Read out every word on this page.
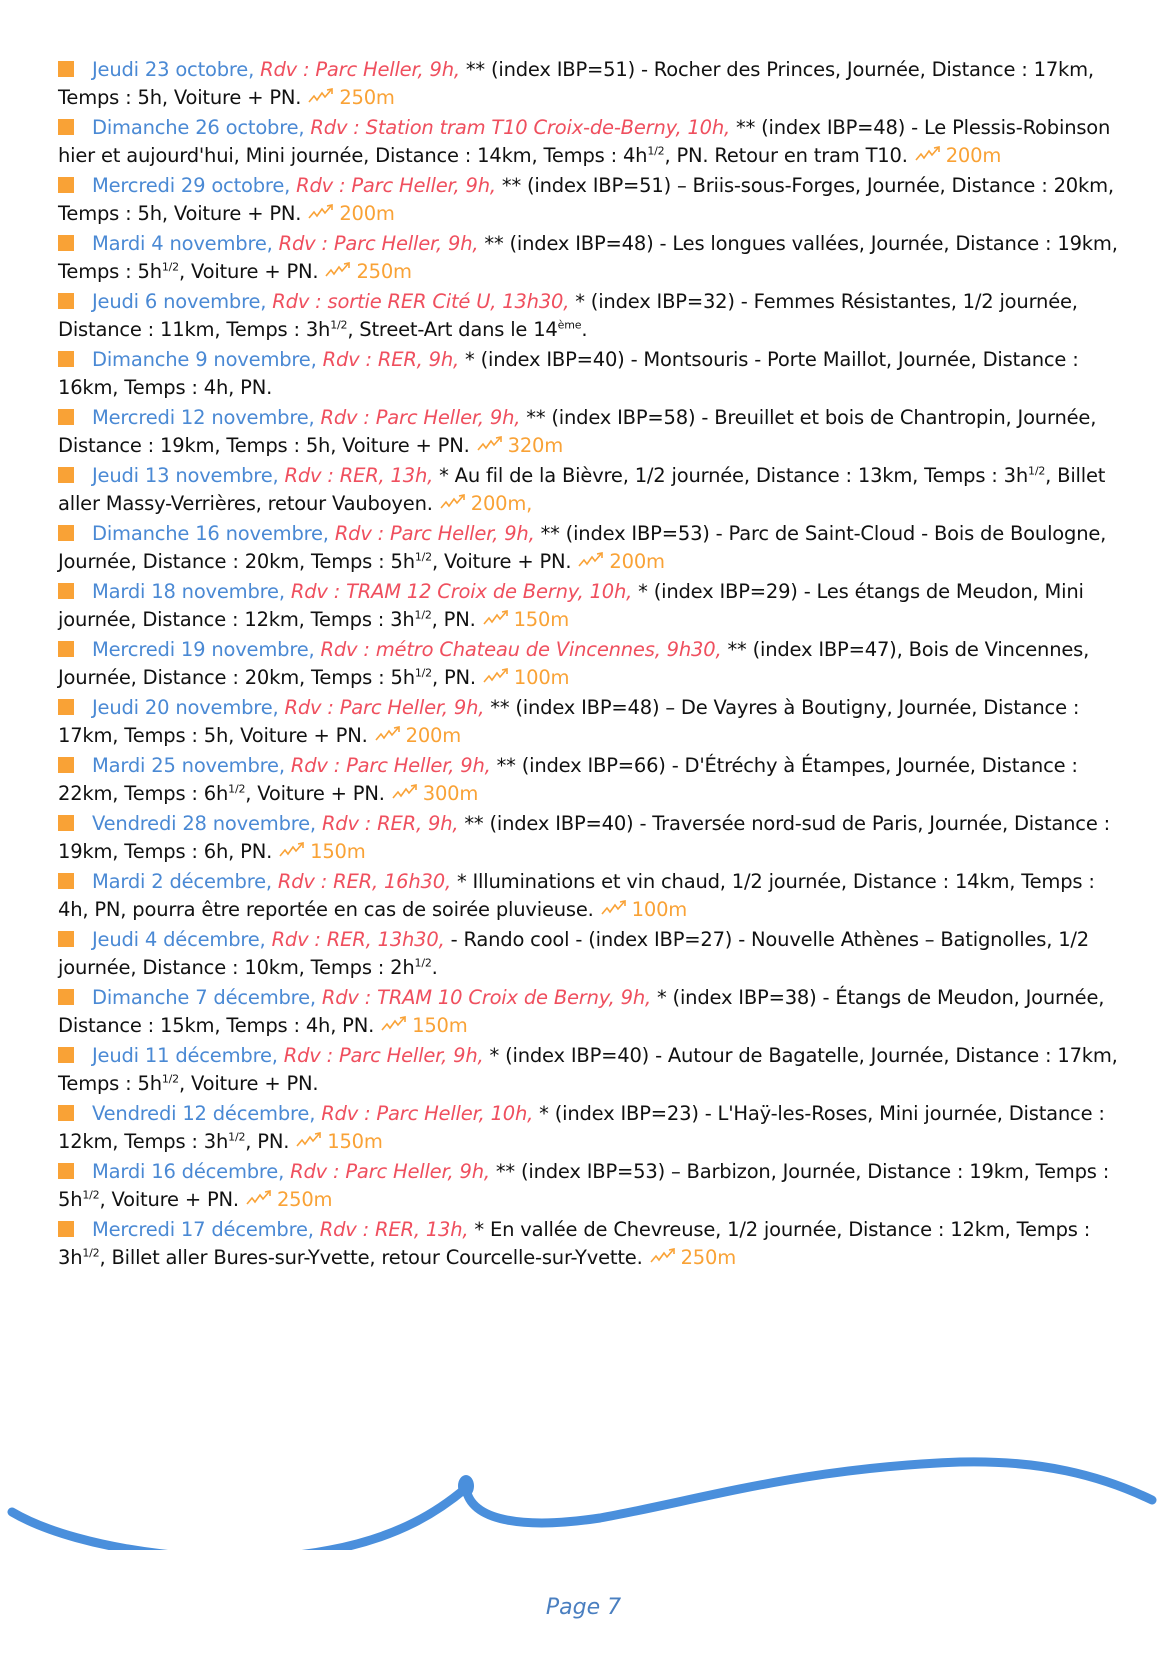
Jeudi 23 octobre, Rdv : Parc Heller, 9h, ** (index IBP=51) - Rocher des Princes, Journée, Distance : 17km, Temps : 5h, Voiture + PN. 250m
Dimanche 26 octobre, Rdv : Station tram T10 Croix-de-Berny, 10h, ** (index IBP=48) - Le Plessis-Robinson hier et aujourd'hui, Mini journée, Distance : 14km, Temps : $4h^{1/2}$, PN. Retour en tram T10. 200m
Mercredi 29 octobre, Rdv : Parc Heller, 9h, ** (index IBP=51) – Briis-sous-Forges, Journée, Distance : 20km, Temps : 5h, Voiture + PN. 200m
Mardi 4 novembre, Rdv : Parc Heller, 9h, ** (index IBP=48) - Les longues vallées, Journée, Distance : 19km, Temps : $5h^{1/2}$, Voiture + PN. 250m
Jeudi 6 novembre, Rdv : sortie RER Cité U, 13h30, * (index IBP=32) - Femmes Résistantes, 1/2 journée, Distance : 11km, Temps : $3h^{1/2}$, Street-Art dans le 14ème.
Dimanche 9 novembre, Rdv : RER, 9h, * (index IBP=40) - Montsouris - Porte Maillot, Journée, Distance : 16km, Temps : 4h, PN.
Mercredi 12 novembre, Rdv : Parc Heller, 9h, ** (index IBP=58) - Breuillet et bois de Chantropin, Journée, Distance : 19km, Temps : 5h, Voiture + PN. 320m
Jeudi 13 novembre, Rdv : RER, 13h, * Au fil de la Bièvre, 1/2 journée, Distance : 13km, Temps : $3h^{1/2}$, Billet aller Massy-Verrières, retour Vauboyen. 200m,
Dimanche 16 novembre, Rdv : Parc Heller, 9h, ** (index IBP=53) - Parc de Saint-Cloud - Bois de Boulogne, Journée, Distance : 20km, Temps : $5h^{1/2}$, Voiture + PN. 200m
Mardi 18 novembre, Rdv : TRAM 12 Croix de Berny, 10h, * (index IBP=29) - Les étangs de Meudon, Mini journée, Distance : 12km, Temps : $3h^{1/2}$, PN. 150m
Mercredi 19 novembre, Rdv : métro Chateau de Vincennes, 9h30, ** (index IBP=47), Bois de Vincennes, Journée, Distance : 20km, Temps : $5h^{1/2}$, PN. 100m
Jeudi 20 novembre, Rdv : Parc Heller, 9h, ** (index IBP=48) – De Vayres à Boutigny, Journée, Distance : 17km, Temps : 5h, Voiture + PN. 200m
Mardi 25 novembre, Rdv : Parc Heller, 9h, ** (index IBP=66) - D'Étréchy à Étampes, Journée, Distance : 22km, Temps : $6h^{1/2}$, Voiture + PN. 300m
Vendredi 28 novembre, Rdv : RER, 9h, ** (index IBP=40) - Traversée nord-sud de Paris, Journée, Distance : 19km, Temps : 6h, PN. 150m
Mardi 2 décembre, Rdv : RER, 16h30, * Illuminations et vin chaud, 1/2 journée, Distance : 14km, Temps : 4h, PN, pourra être reportée en cas de soirée pluvieuse. 100m
Jeudi 4 décembre, Rdv : RER, 13h30, - Rando cool - (index IBP=27) - Nouvelle Athènes – Batignolles, 1/2 journée, Distance : 10km, Temps : $2h^{1/2}$.
Dimanche 7 décembre, Rdv : TRAM 10 Croix de Berny, 9h, * (index IBP=38) - Étangs de Meudon, Journée, Distance : 15km, Temps : 4h, PN. 150m
Jeudi 11 décembre, Rdv : Parc Heller, 9h, * (index IBP=40) - Autour de Bagatelle, Journée, Distance : 17km, Temps : $5h^{1/2}$, Voiture + PN.
Vendredi 12 décembre, Rdv : Parc Heller, 10h, * (index IBP=23) - L'Haÿ-les-Roses, Mini journée, Distance : 12km, Temps : $3h^{1/2}$, PN. 150m
Mardi 16 décembre, Rdv : Parc Heller, 9h, ** (index IBP=53) – Barbizon, Journée, Distance : 19km, Temps : $5h^{1/2}$, Voiture + PN. 250m
Mercredi 17 décembre, Rdv : RER, 13h, * En vallée de Chevreuse, 1/2 journée, Distance : 12km, Temps : $3h^{1/2}$, Billet aller Bures-sur-Yvette, retour Courcelle-sur-Yvette. 250m
Page 7
